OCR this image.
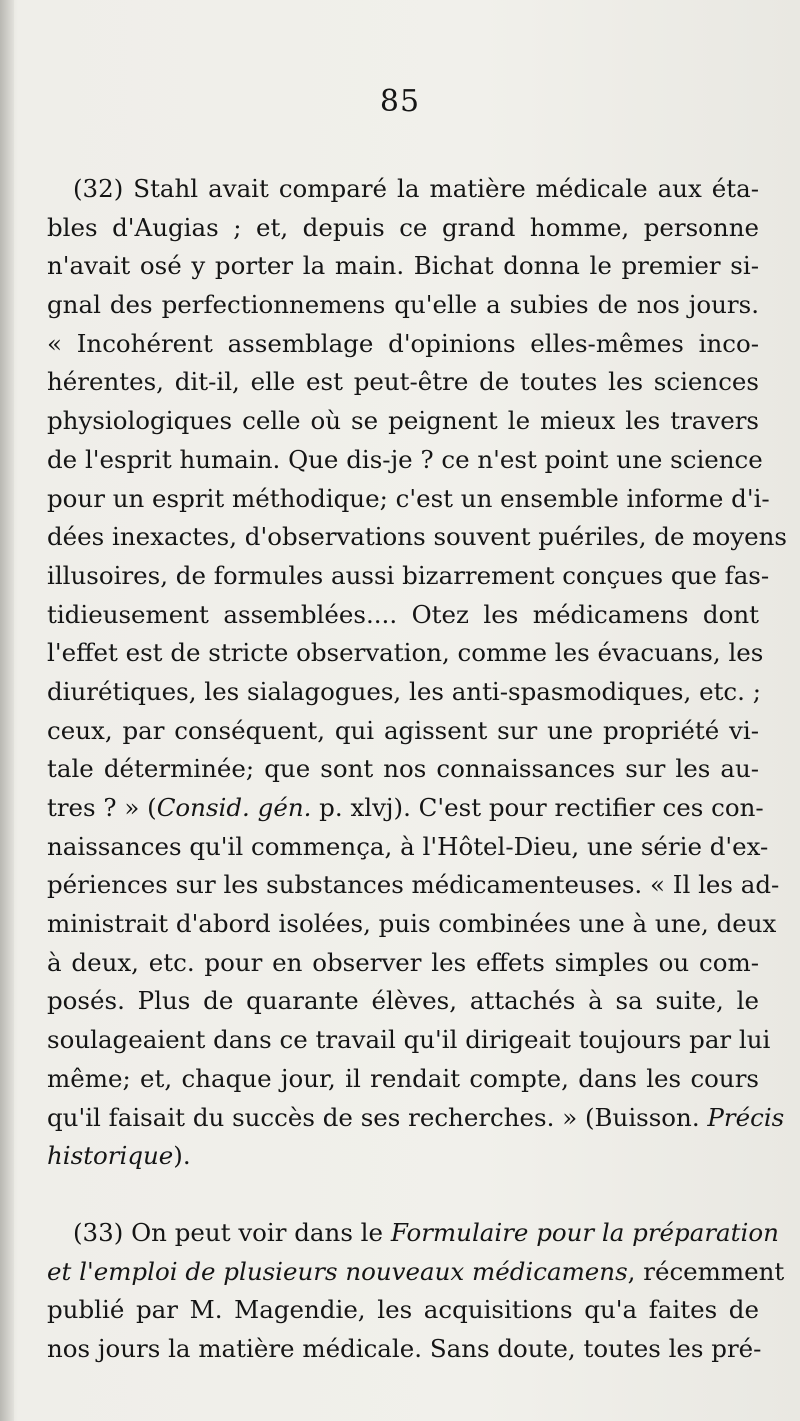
85
(32) Stahl avait comparé la matière médicale aux éta-
bles d'Augias ; et, depuis ce grand homme, personne
n'avait osé y porter la main. Bichat donna le premier si-
gnal des perfectionnemens qu'elle a subies de nos jours.
« Incohérent assemblage d'opinions elles-mêmes inco-
hérentes, dit-il, elle est peut-être de toutes les sciences
physiologiques celle où se peignent le mieux les travers
de l'esprit humain. Que dis-je ? ce n'est point une science
pour un esprit méthodique; c'est un ensemble informe d'i-
dées inexactes, d'observations souvent puériles, de moyens
illusoires, de formules aussi bizarrement conçues que fas-
tidieusement assemblées.... Otez les médicamens dont
l'effet est de stricte observation, comme les évacuans, les
diurétiques, les sialagogues, les anti-spasmodiques, etc. ;
ceux, par conséquent, qui agissent sur une propriété vi-
tale déterminée; que sont nos connaissances sur les au-
tres ? » (Consid. gén. p. xlvj). C'est pour rectifier ces con-
naissances qu'il commença, à l'Hôtel-Dieu, une série d'ex-
périences sur les substances médicamenteuses. « Il les ad-
ministrait d'abord isolées, puis combinées une à une, deux
à deux, etc. pour en observer les effets simples ou com-
posés. Plus de quarante élèves, attachés à sa suite, le
soulageaient dans ce travail qu'il dirigeait toujours par lui
même; et, chaque jour, il rendait compte, dans les cours
qu'il faisait du succès de ses recherches. » (Buisson. Précis
historique).
(33) On peut voir dans le Formulaire pour la préparation
et l'emploi de plusieurs nouveaux médicamens, récemment
publié par M. Magendie, les acquisitions qu'a faites de
nos jours la matière médicale. Sans doute, toutes les pré-
